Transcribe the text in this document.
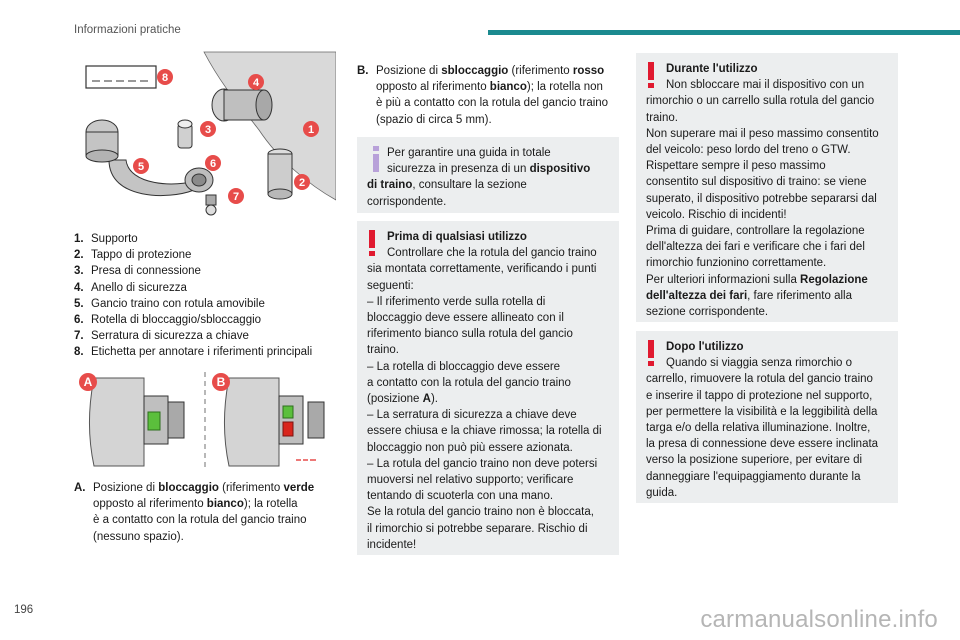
Informazioni pratiche
8	4
3	1
5	6
2
7
1. Supporto
2. Tappo di protezione
3. Presa di connessione
4. Anello di sicurezza
5. Gancio traino con rotula amovibile
6. Rotella di bloccaggio/sbloccaggio
7. Serratura di sicurezza a chiave
8. Etichetta per annotare i riferimenti principali
A	B
A. Posizione di bloccaggio (riferimento verde
opposto al riferimento bianco); la rotella
è a contatto con la rotula del gancio traino
(nessuno spazio).
B. Posizione di sbloccaggio (riferimento rosso
opposto al riferimento bianco); la rotella non
è più a contatto con la rotula del gancio traino
(spazio di circa 5 mm).
Per garantire una guida in totale
sicurezza in presenza di un dispositivo
di traino, consultare la sezione
corrispondente.
Prima di qualsiasi utilizzo
Controllare che la rotula del gancio traino
sia montata correttamente, verificando i punti
seguenti:
– Il riferimento verde sulla rotella di
bloccaggio deve essere allineato con il
riferimento bianco sulla rotula del gancio
traino.
– La rotella di bloccaggio deve essere
a contatto con la rotula del gancio traino
(posizione A).
– La serratura di sicurezza a chiave deve
essere chiusa e la chiave rimossa; la rotella di
bloccaggio non può più essere azionata.
– La rotula del gancio traino non deve potersi
muoversi nel relativo supporto; verificare
tentando di scuoterla con una mano.
Se la rotula del gancio traino non è bloccata,
il rimorchio si potrebbe separare. Rischio di
incidente!
Durante l'utilizzo
Non sbloccare mai il dispositivo con un
rimorchio o un carrello sulla rotula del gancio
traino.
Non superare mai il peso massimo consentito
del veicolo: peso lordo del treno o GTW.
Rispettare sempre il peso massimo
consentito sul dispositivo di traino: se viene
superato, il dispositivo potrebbe separarsi dal
veicolo. Rischio di incidenti!
Prima di guidare, controllare la regolazione
dell'altezza dei fari e verificare che i fari del
rimorchio funzionino correttamente.
Per ulteriori informazioni sulla Regolazione
dell'altezza dei fari, fare riferimento alla
sezione corrispondente.
Dopo l'utilizzo
Quando si viaggia senza rimorchio o
carrello, rimuovere la rotula del gancio traino
e inserire il tappo di protezione nel supporto,
per permettere la visibilità e la leggibilità della
targa e/o della relativa illuminazione. Inoltre,
la presa di connessione deve essere inclinata
verso la posizione superiore, per evitare di
danneggiare l'equipaggiamento durante la
guida.
196	carmanualsonline.info
